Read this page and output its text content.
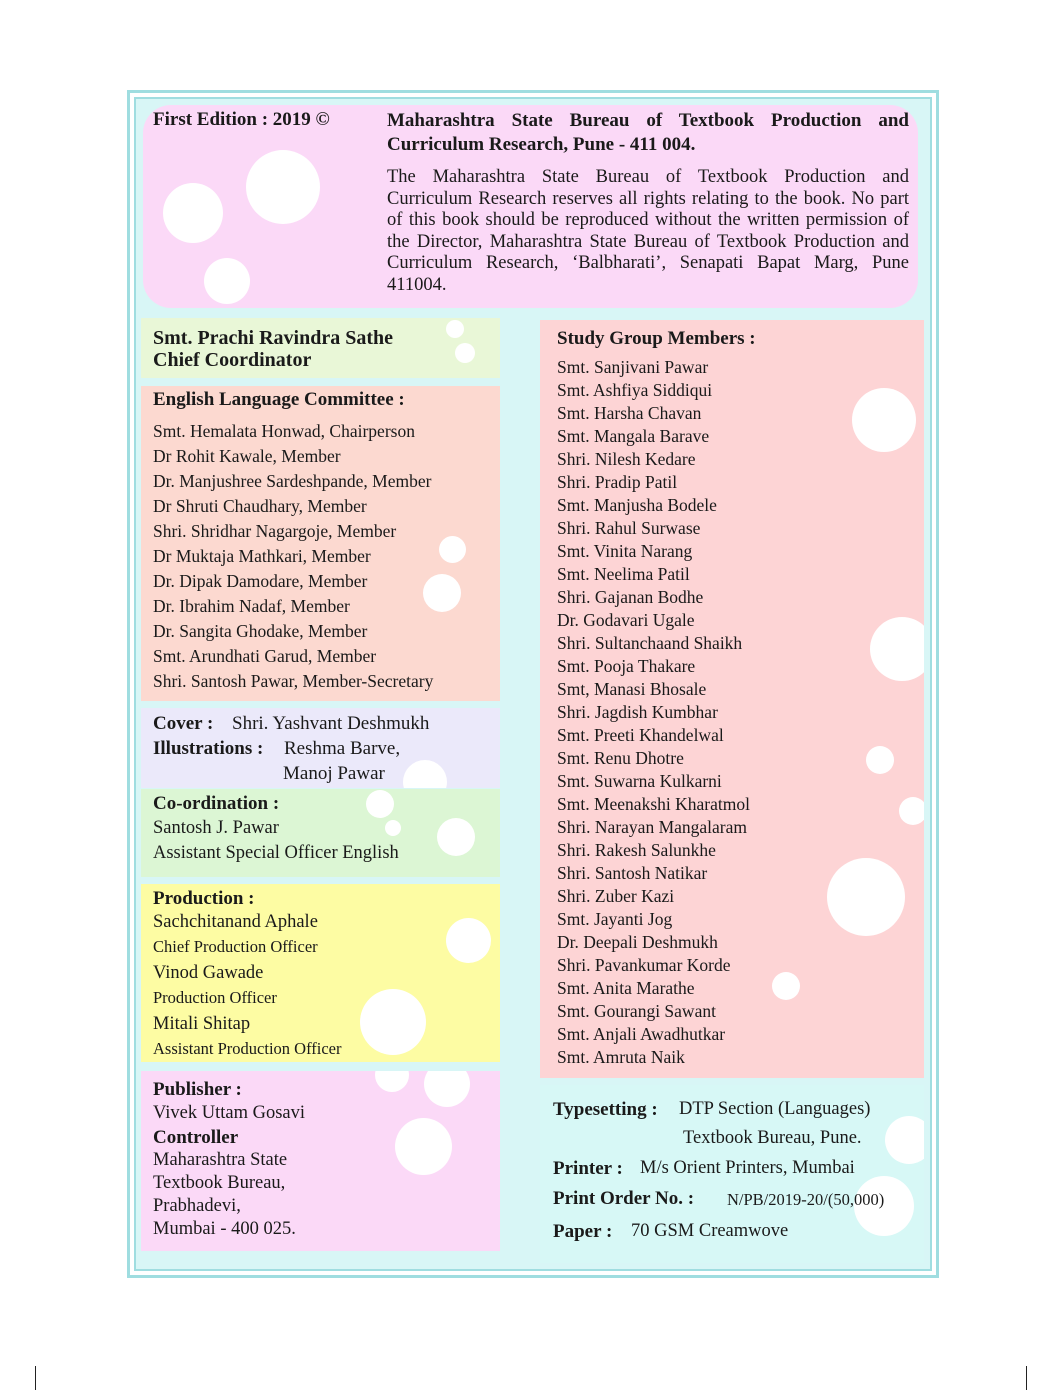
First Edition : 2019 ©	Maharashtra State Bureau of Textbook Production and Curriculum Research, Pune - 411 004.
The Maharashtra State Bureau of Textbook Production and Curriculum Research reserves all rights relating to the book. No part of this book should be reproduced without the written permission of the Director, Maharashtra State Bureau of Textbook Production and Curriculum Research, ‘Balbharati’, Senapati Bapat Marg, Pune 411004.
Smt. Prachi Ravindra Sathe
Chief Coordinator
English Language Committee :
Smt. Hemalata Honwad, Chairperson
Dr Rohit Kawale, Member
Dr. Manjushree Sardeshpande, Member
Dr Shruti Chaudhary, Member
Shri. Shridhar Nagargoje, Member
Dr Muktaja Mathkari, Member
Dr. Dipak Damodare, Member
Dr. Ibrahim Nadaf, Member
Dr. Sangita Ghodake, Member
Smt. Arundhati Garud, Member
Shri. Santosh Pawar, Member-Secretary
Cover : Shri. Yashvant Deshmukh
Illustrations : Reshma Barve,
Manoj Pawar
Co-ordination :
Santosh J. Pawar
Assistant Special Officer English
Production :
Sachchitanand Aphale
Chief Production Officer
Vinod Gawade
Production Officer
Mitali Shitap
Assistant Production Officer
Publisher :
Vivek Uttam Gosavi
Controller
Maharashtra State
Textbook Bureau,
Prabhadevi,
Mumbai - 400 025.
Study Group Members :
Smt. Sanjivani Pawar
Smt. Ashfiya Siddiqui
Smt. Harsha Chavan
Smt. Mangala Barave
Shri. Nilesh Kedare
Shri. Pradip Patil
Smt. Manjusha Bodele
Shri. Rahul Surwase
Smt. Vinita Narang
Smt. Neelima Patil
Shri. Gajanan Bodhe
Dr. Godavari Ugale
Shri. Sultanchaand Shaikh
Smt. Pooja Thakare
Smt, Manasi Bhosale
Shri. Jagdish Kumbhar
Smt. Preeti Khandelwal
Smt. Renu Dhotre
Smt. Suwarna Kulkarni
Smt. Meenakshi Kharatmol
Shri. Narayan Mangalaram
Shri. Rakesh Salunkhe
Shri. Santosh Natikar
Shri. Zuber Kazi
Smt. Jayanti Jog
Dr. Deepali Deshmukh
Shri. Pavankumar Korde
Smt. Anita Marathe
Smt. Gourangi Sawant
Smt. Anjali Awadhutkar
Smt. Amruta Naik
Typesetting : DTP Section (Languages)
Textbook Bureau, Pune.
Printer : M/s Orient Printers, Mumbai
Print Order No. : N/PB/2019-20/(50,000)
Paper : 70 GSM Creamwove
